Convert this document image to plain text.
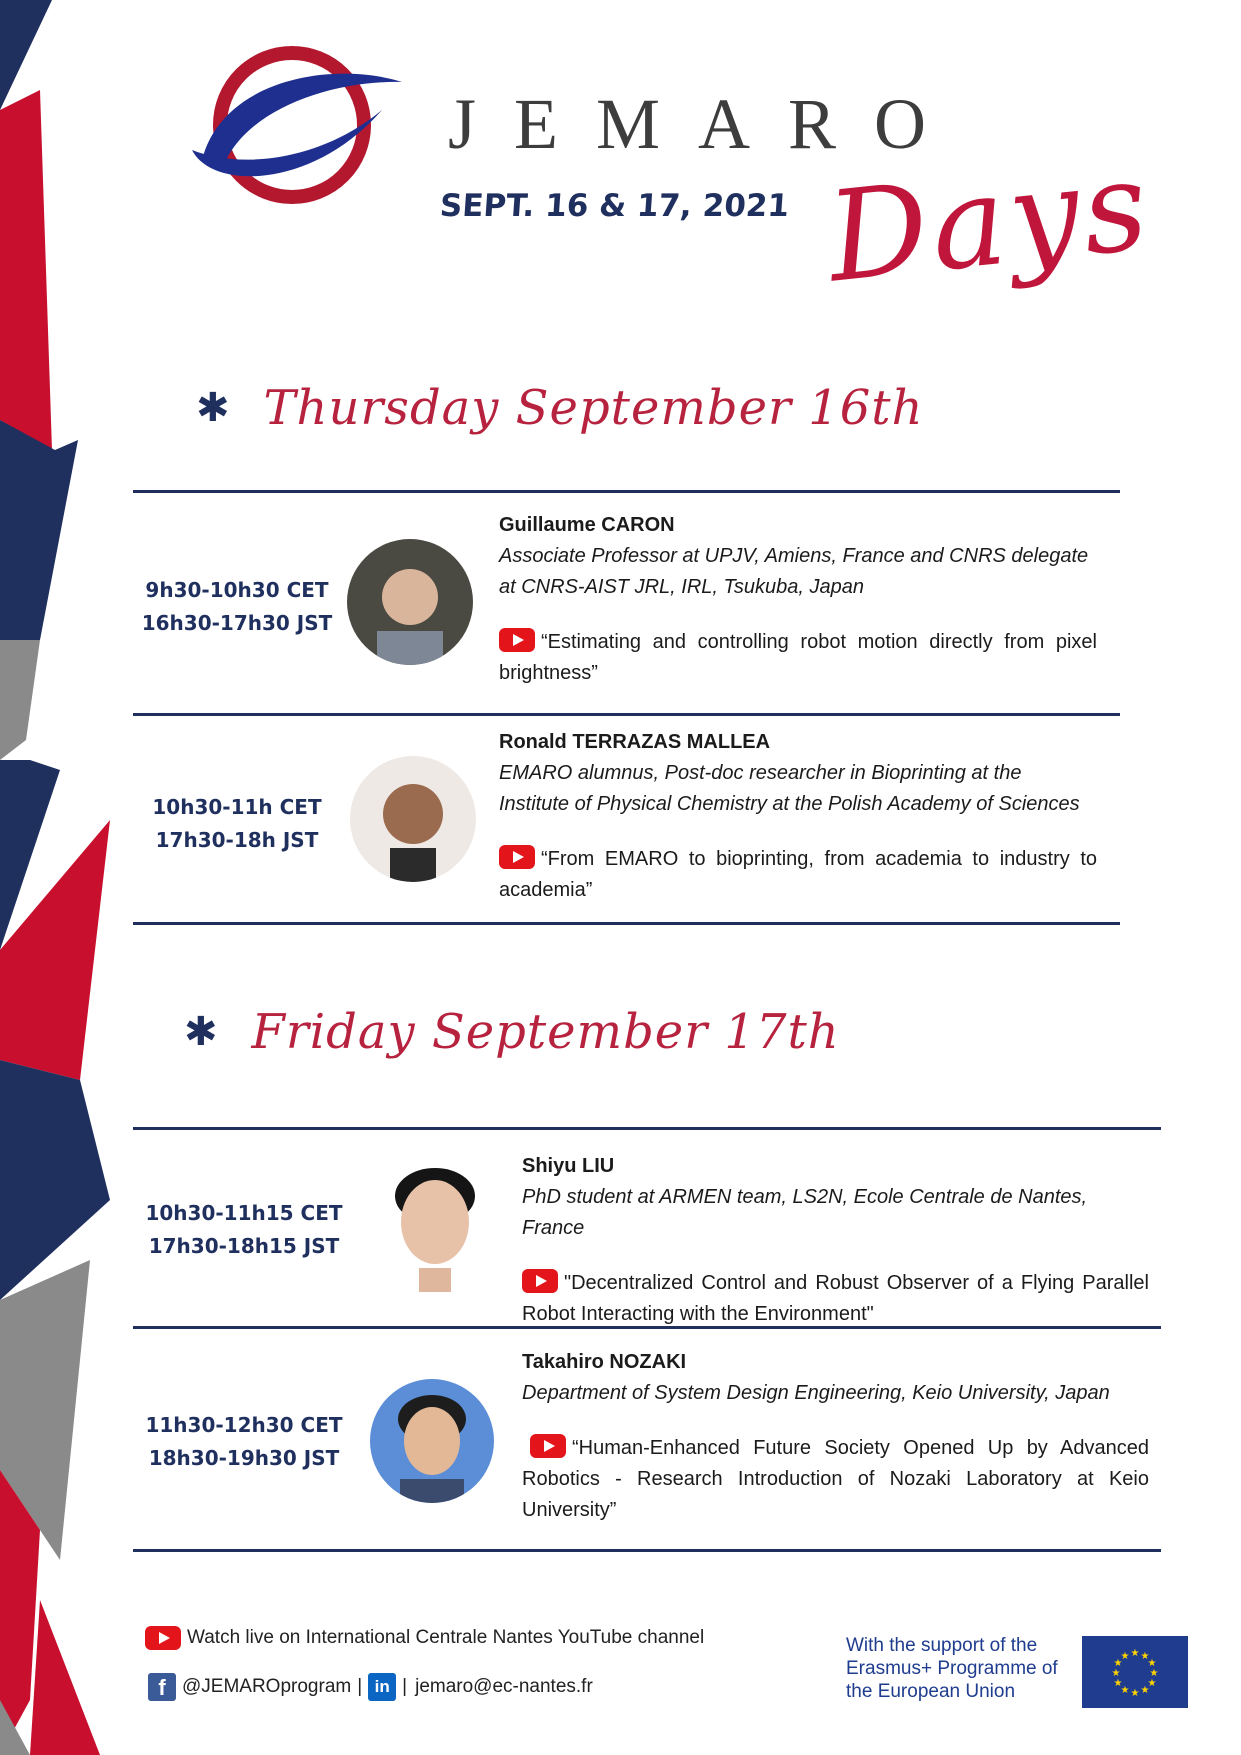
JEMARO
SEPT. 16 & 17, 2021 Days
✱ Thursday September 16th
9h30-10h30 CET
16h30-17h30 JST
Guillaume CARON
Associate Professor at UPJV, Amiens, France and CNRS delegate at CNRS-AIST JRL, IRL, Tsukuba, Japan
“Estimating and controlling robot motion directly from pixel brightness”
10h30-11h CET
17h30-18h JST
Ronald TERRAZAS MALLEA
EMARO alumnus, Post-doc researcher in Bioprinting at the Institute of Physical Chemistry at the Polish Academy of Sciences
“From EMARO to bioprinting, from academia to industry to academia”
✱ Friday September 17th
10h30-11h15 CET
17h30-18h15 JST
Shiyu LIU
PhD student at ARMEN team, LS2N, Ecole Centrale de Nantes, France
"Decentralized Control and Robust Observer of a Flying Parallel Robot Interacting with the Environment"
11h30-12h30 CET
18h30-19h30 JST
Takahiro NOZAKI
Department of System Design Engineering, Keio University, Japan
“Human-Enhanced Future Society Opened Up by Advanced Robotics - Research Introduction of Nozaki Laboratory at Keio University”
Watch live on International Centrale Nantes YouTube channel
f @JEMAROprogram | in | jemaro@ec-nantes.fr
With the support of the Erasmus+ Programme of the European Union
★ ★
★
★
★
★
★
★
★
★
★
★
